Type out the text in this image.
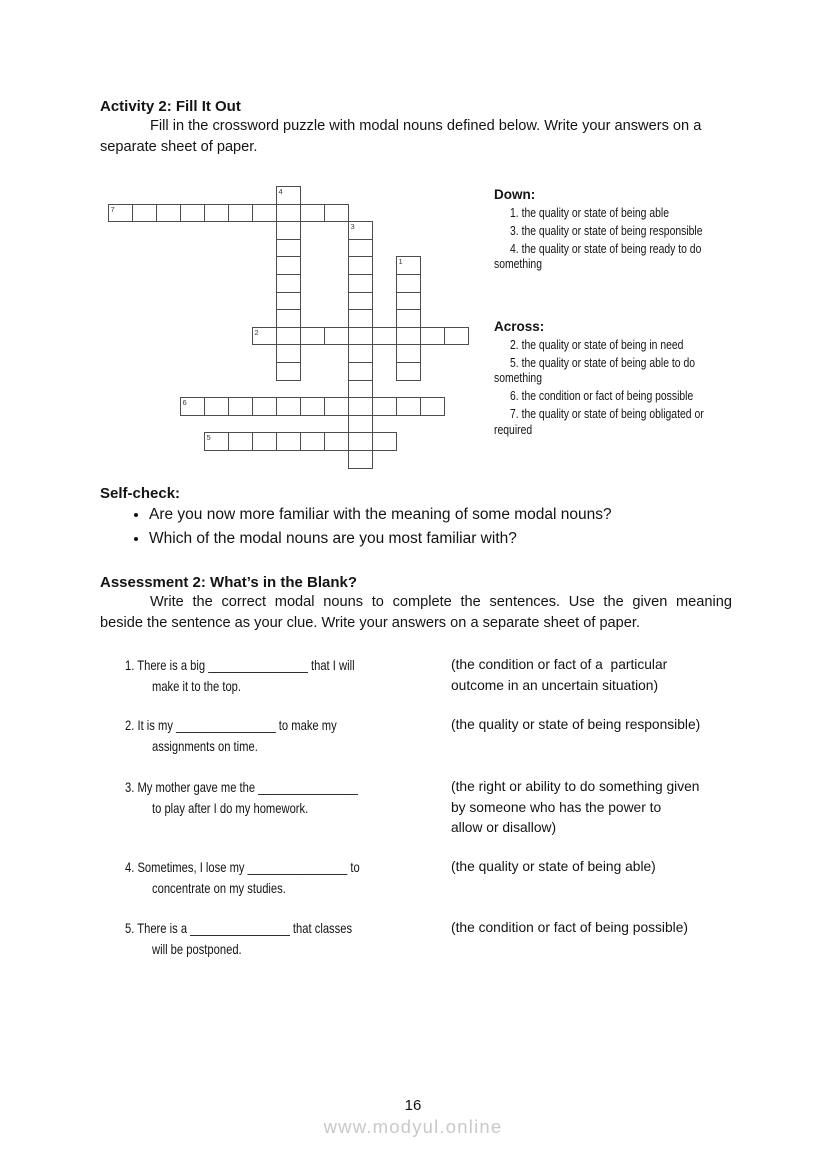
Activity 2: Fill It Out
Fill in the crossword puzzle with modal nouns defined below. Write your answers on a
separate sheet of paper.
4
7
3
1
2
6
5
Down:
1. the quality or state of being able
3. the quality or state of being responsible
4. the quality or state of being ready to do
something
Across:
2. the quality or state of being in need
5. the quality or state of being able to do
something
6. the condition or fact of being possible
7. the quality or state of being obligated or
required
Self-check:
• Are you now more familiar with the meaning of some modal nouns?
• Which of the modal nouns are you most familiar with?
Assessment 2: What’s in the Blank?
Write the correct modal nouns to complete the sentences. Use the given meaning
beside the sentence as your clue. Write your answers on a separate sheet of paper.
1. There is a big ________________ that I will
make it to the top.
(the condition or fact of a  particular
outcome in an uncertain situation)
2. It is my ________________ to make my
assignments on time.
(the quality or state of being responsible)
3. My mother gave me the ________________
to play after I do my homework.
(the right or ability to do something given
by someone who has the power to
allow or disallow)
4. Sometimes, I lose my ________________ to
concentrate on my studies.
(the quality or state of being able)
5. There is a ________________ that classes
will be postponed.
(the condition or fact of being possible)
16
www.modyul.online
